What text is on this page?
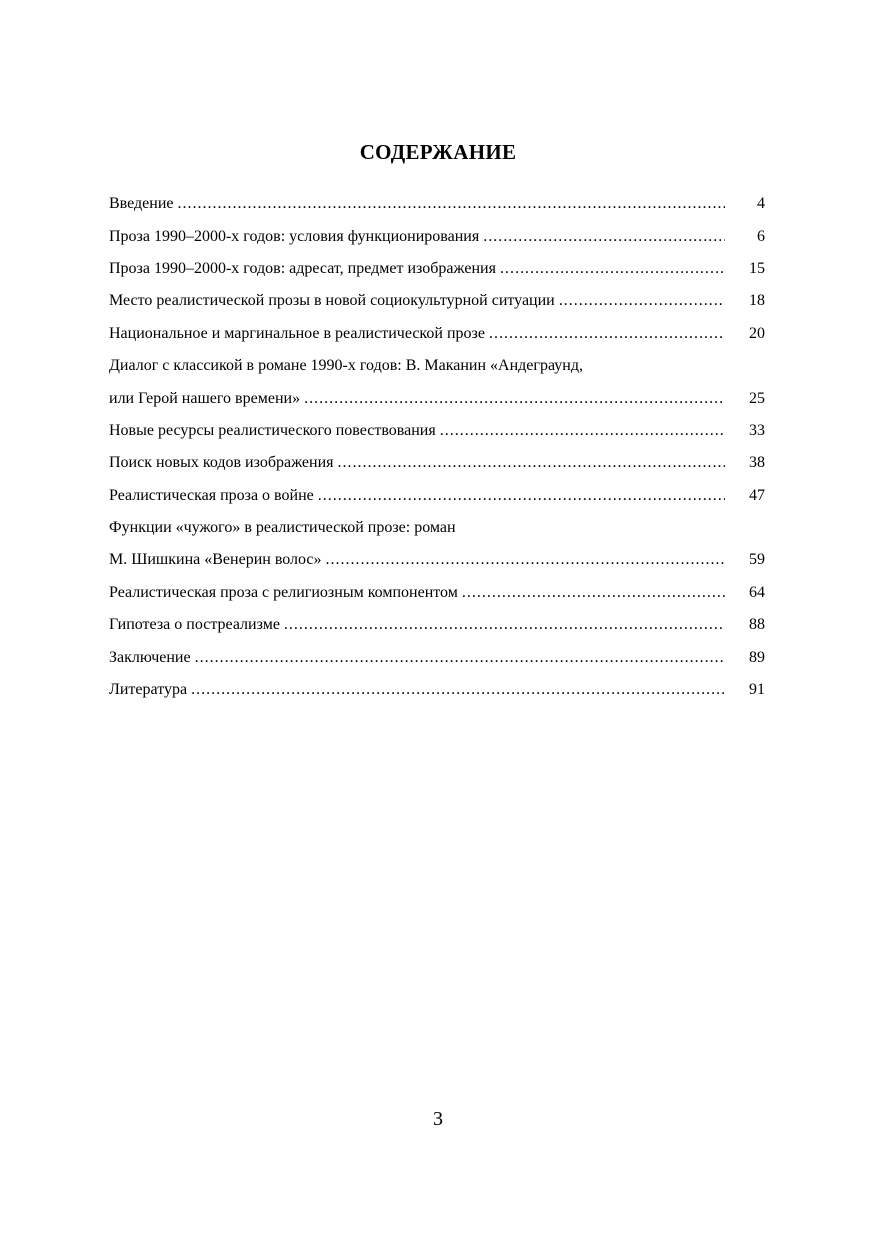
СОДЕРЖАНИЕ
Введение .....	4
Проза 1990–2000-х годов: условия функционирования .....	6
Проза 1990–2000-х годов: адресат, предмет изображения .....	15
Место реалистической прозы в новой социокультурной ситуации .....	18
Национальное и маргинальное в реалистической прозе .....	20
Диалог с классикой в романе 1990-х годов: В. Маканин «Андеграунд,
или Герой нашего времени» .....	25
Новые ресурсы реалистического повествования .....	33
Поиск новых кодов изображения .....	38
Реалистическая проза о войне .....	47
Функции «чужого» в реалистической прозе: роман
М. Шишкина «Венерин волос» .....	59
Реалистическая проза с религиозным компонентом .....	64
Гипотеза о постреализме .....	88
Заключение .....	89
Литература .....	91
3
